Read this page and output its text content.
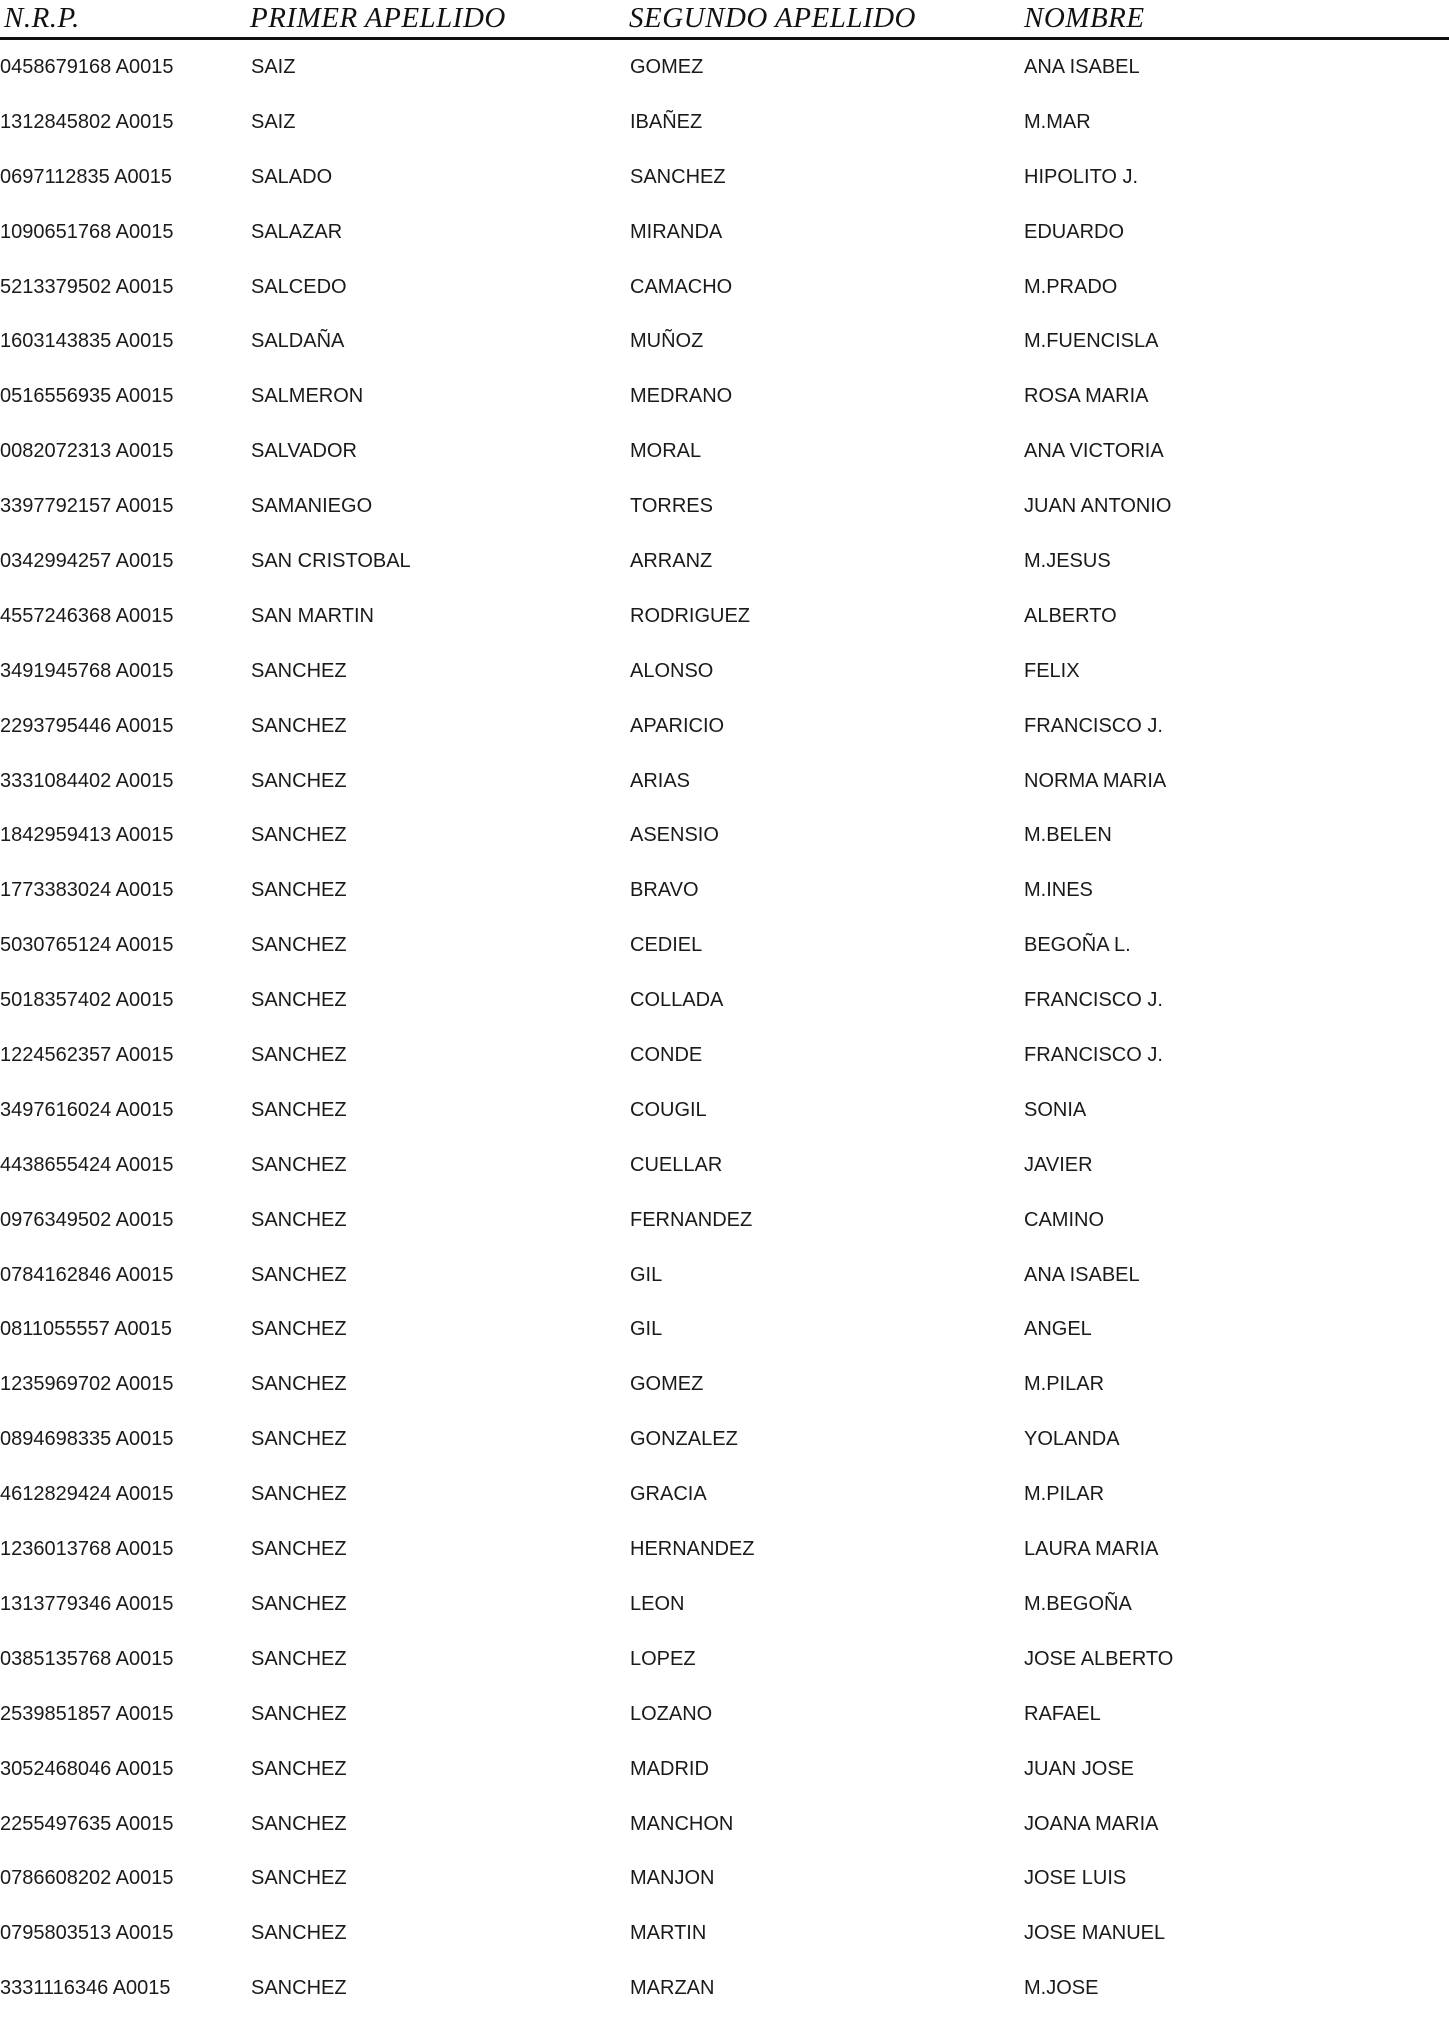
N.R.P.	PRIMER APELLIDO	SEGUNDO APELLIDO	NOMBRE
0458679168 A0015	SAIZ	GOMEZ	ANA ISABEL
1312845802 A0015	SAIZ	IBAÑEZ	M.MAR
0697112835 A0015	SALADO	SANCHEZ	HIPOLITO J.
1090651768 A0015	SALAZAR	MIRANDA	EDUARDO
5213379502 A0015	SALCEDO	CAMACHO	M.PRADO
1603143835 A0015	SALDAÑA	MUÑOZ	M.FUENCISLA
0516556935 A0015	SALMERON	MEDRANO	ROSA MARIA
0082072313 A0015	SALVADOR	MORAL	ANA VICTORIA
3397792157 A0015	SAMANIEGO	TORRES	JUAN ANTONIO
0342994257 A0015	SAN CRISTOBAL	ARRANZ	M.JESUS
4557246368 A0015	SAN MARTIN	RODRIGUEZ	ALBERTO
3491945768 A0015	SANCHEZ	ALONSO	FELIX
2293795446 A0015	SANCHEZ	APARICIO	FRANCISCO J.
3331084402 A0015	SANCHEZ	ARIAS	NORMA MARIA
1842959413 A0015	SANCHEZ	ASENSIO	M.BELEN
1773383024 A0015	SANCHEZ	BRAVO	M.INES
5030765124 A0015	SANCHEZ	CEDIEL	BEGOÑA L.
5018357402 A0015	SANCHEZ	COLLADA	FRANCISCO J.
1224562357 A0015	SANCHEZ	CONDE	FRANCISCO J.
3497616024 A0015	SANCHEZ	COUGIL	SONIA
4438655424 A0015	SANCHEZ	CUELLAR	JAVIER
0976349502 A0015	SANCHEZ	FERNANDEZ	CAMINO
0784162846 A0015	SANCHEZ	GIL	ANA ISABEL
0811055557 A0015	SANCHEZ	GIL	ANGEL
1235969702 A0015	SANCHEZ	GOMEZ	M.PILAR
0894698335 A0015	SANCHEZ	GONZALEZ	YOLANDA
4612829424 A0015	SANCHEZ	GRACIA	M.PILAR
1236013768 A0015	SANCHEZ	HERNANDEZ	LAURA MARIA
1313779346 A0015	SANCHEZ	LEON	M.BEGOÑA
0385135768 A0015	SANCHEZ	LOPEZ	JOSE ALBERTO
2539851857 A0015	SANCHEZ	LOZANO	RAFAEL
3052468046 A0015	SANCHEZ	MADRID	JUAN JOSE
2255497635 A0015	SANCHEZ	MANCHON	JOANA MARIA
0786608202 A0015	SANCHEZ	MANJON	JOSE LUIS
0795803513 A0015	SANCHEZ	MARTIN	JOSE MANUEL
3331116346 A0015	SANCHEZ	MARZAN	M.JOSE
